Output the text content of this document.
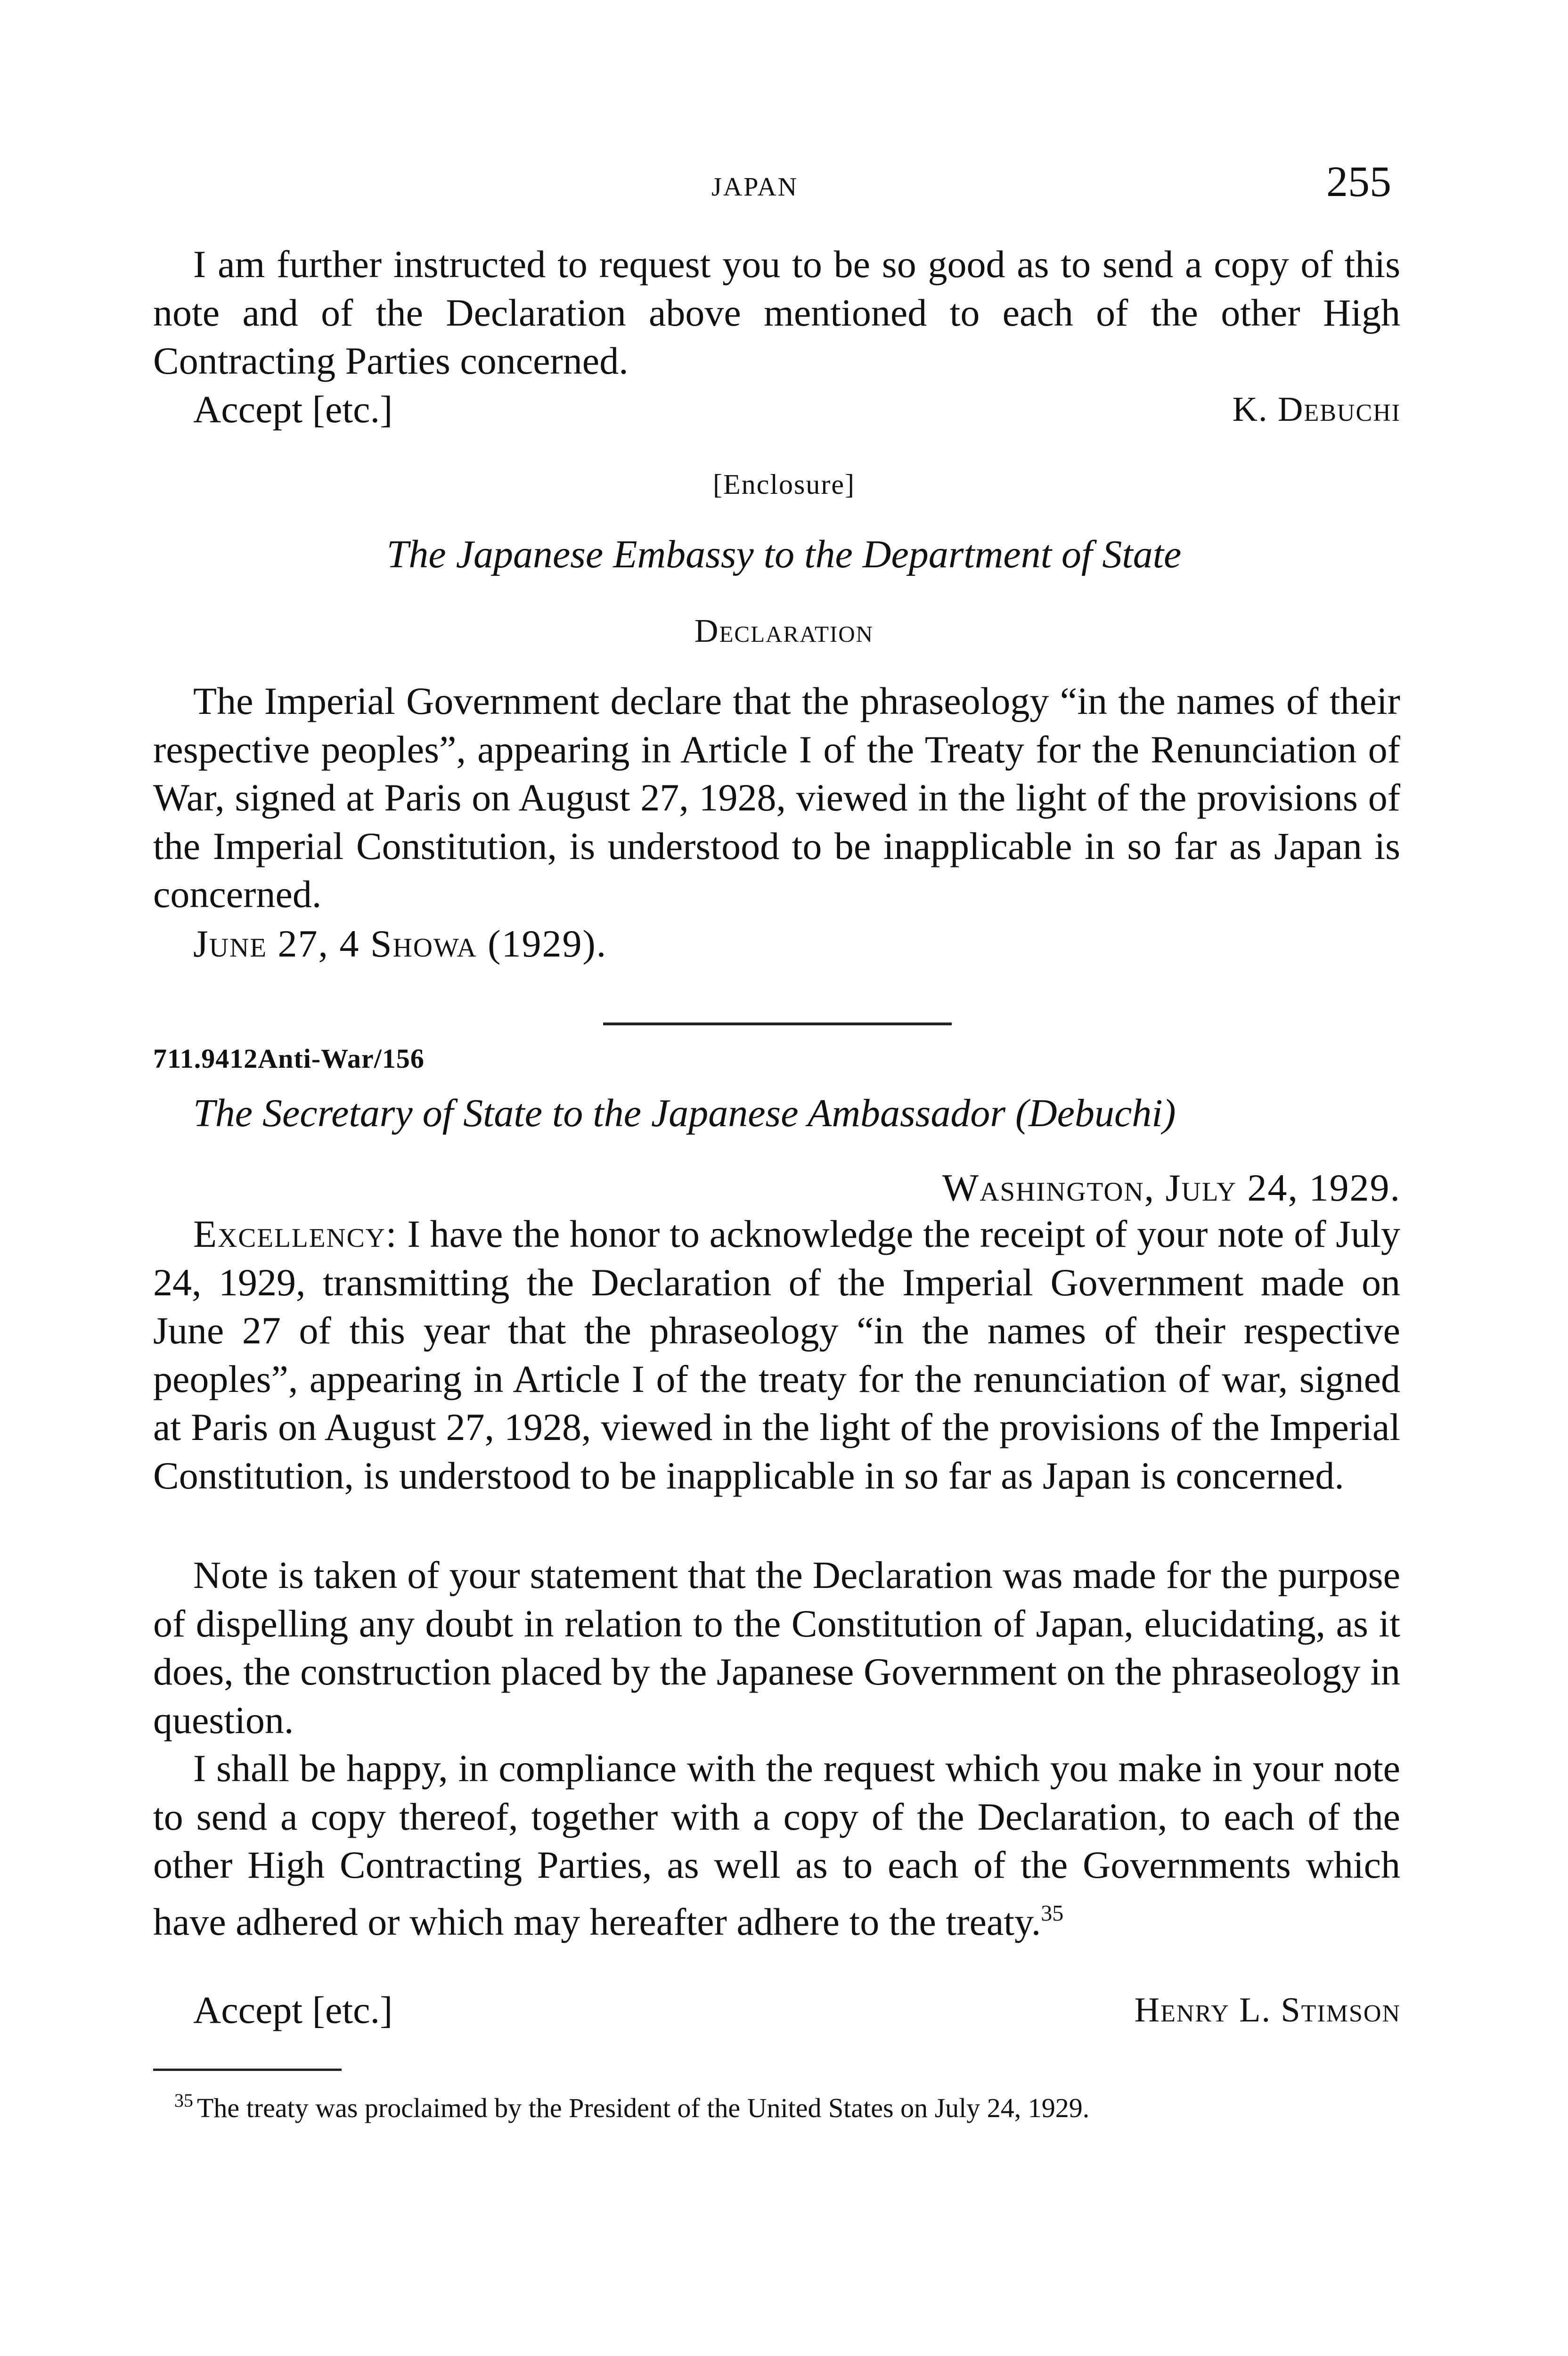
JAPAN	255

I am further instructed to request you to be so good as to send a copy of this note and of the Declaration above mentioned to each of the other High Contracting Parties concerned.

Accept [etc.]	K. Debuchi
[Enclosure]
The Japanese Embassy to the Department of State
Declaration

The Imperial Government declare that the phraseology “in the names of their respective peoples”, appearing in Article I of the Treaty for the Renunciation of War, signed at Paris on August 27, 1928, viewed in the light of the provisions of the Imperial Constitution, is understood to be inapplicable in so far as Japan is concerned.

June 27, 4 Showa (1929).
711.9412Anti-War/156
The Secretary of State to the Japanese Ambassador (Debuchi)
Washington, July 24, 1929.

Excellency: I have the honor to acknowledge the receipt of your note of July 24, 1929, transmitting the Declaration of the Imperial Government made on June 27 of this year that the phraseology “in the names of their respective peoples”, appearing in Article I of the treaty for the renunciation of war, signed at Paris on August 27, 1928, viewed in the light of the provisions of the Imperial Constitution, is understood to be inapplicable in so far as Japan is concerned.

Note is taken of your statement that the Declaration was made for the purpose of dispelling any doubt in relation to the Constitution of Japan, elucidating, as it does, the construction placed by the Japanese Government on the phraseology in question.

I shall be happy, in compliance with the request which you make in your note to send a copy thereof, together with a copy of the Declaration, to each of the other High Contracting Parties, as well as to each of the Governments which have adhered or which may hereafter adhere to the treaty.$^{35}$

Accept [etc.]	Henry L. Stimson
$^{35}$ The treaty was proclaimed by the President of the United States on July 24, 1929.
